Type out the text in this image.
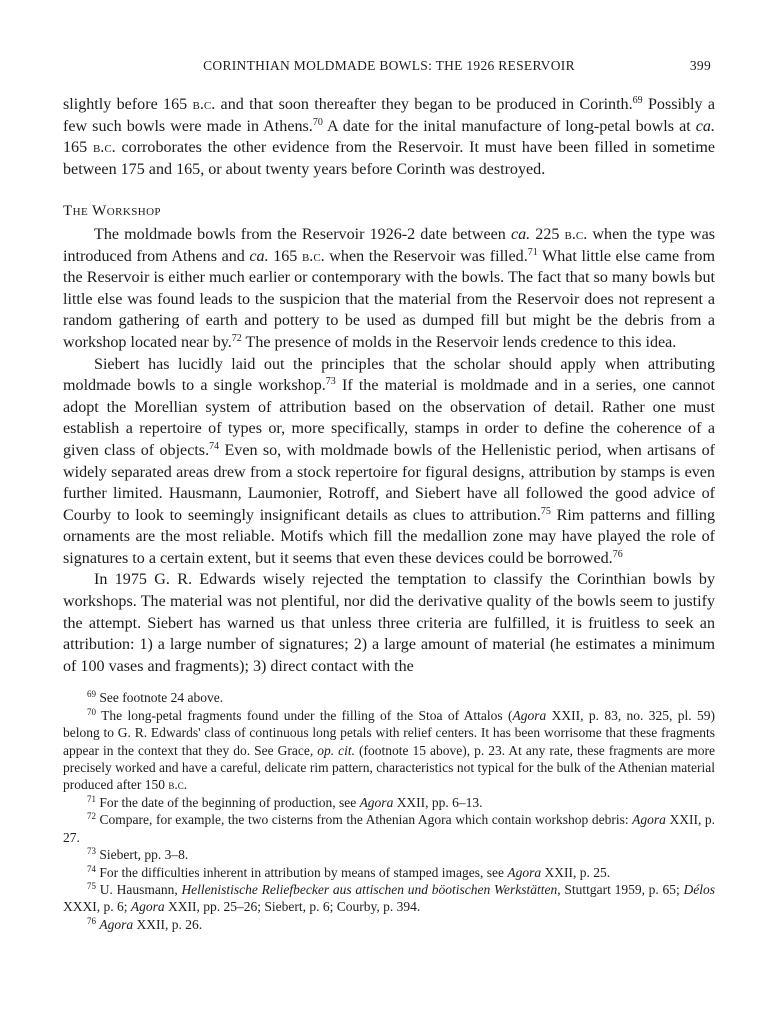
CORINTHIAN MOLDMADE BOWLS: THE 1926 RESERVOIR	399

slightly before 165 b.c. and that soon thereafter they began to be produced in Corinth.$^{69}$ Possibly a few such bowls were made in Athens.$^{70}$ A date for the inital manufacture of long-petal bowls at ca. 165 b.c. corroborates the other evidence from the Reservoir. It must have been filled in sometime between 175 and 165, or about twenty years before Corinth was destroyed.

The Workshop

The moldmade bowls from the Reservoir 1926-2 date between ca. 225 b.c. when the type was introduced from Athens and ca. 165 b.c. when the Reservoir was filled.$^{71}$ What little else came from the Reservoir is either much earlier or contemporary with the bowls. The fact that so many bowls but little else was found leads to the suspicion that the material from the Reservoir does not represent a random gathering of earth and pottery to be used as dumped fill but might be the debris from a workshop located near by.$^{72}$ The presence of molds in the Reservoir lends credence to this idea.

Siebert has lucidly laid out the principles that the scholar should apply when attributing moldmade bowls to a single workshop.$^{73}$ If the material is moldmade and in a series, one cannot adopt the Morellian system of attribution based on the observation of detail. Rather one must establish a repertoire of types or, more specifically, stamps in order to define the coherence of a given class of objects.$^{74}$ Even so, with moldmade bowls of the Hellenistic period, when artisans of widely separated areas drew from a stock repertoire for figural designs, attribution by stamps is even further limited. Hausmann, Laumonier, Rotroff, and Siebert have all followed the good advice of Courby to look to seemingly insignificant details as clues to attribution.$^{75}$ Rim patterns and filling ornaments are the most reliable. Motifs which fill the medallion zone may have played the role of signatures to a certain extent, but it seems that even these devices could be borrowed.$^{76}$

In 1975 G. R. Edwards wisely rejected the temptation to classify the Corinthian bowls by workshops. The material was not plentiful, nor did the derivative quality of the bowls seem to justify the attempt. Siebert has warned us that unless three criteria are fulfilled, it is fruitless to seek an attribution: 1) a large number of signatures; 2) a large amount of material (he estimates a minimum of 100 vases and fragments); 3) direct contact with the

$^{69}$ See footnote 24 above.

$^{70}$ The long-petal fragments found under the filling of the Stoa of Attalos (Agora XXII, p. 83, no. 325, pl. 59) belong to G. R. Edwards' class of continuous long petals with relief centers. It has been worrisome that these fragments appear in the context that they do. See Grace, op. cit. (footnote 15 above), p. 23. At any rate, these fragments are more precisely worked and have a careful, delicate rim pattern, characteristics not typical for the bulk of the Athenian material produced after 150 b.c.

$^{71}$ For the date of the beginning of production, see Agora XXII, pp. 6–13.

$^{72}$ Compare, for example, the two cisterns from the Athenian Agora which contain workshop debris: Agora XXII, p. 27.

$^{73}$ Siebert, pp. 3–8.

$^{74}$ For the difficulties inherent in attribution by means of stamped images, see Agora XXII, p. 25.

$^{75}$ U. Hausmann, Hellenistische Reliefbecker aus attischen und böotischen Werkstätten, Stuttgart 1959, p. 65; Délos XXXI, p. 6; Agora XXII, pp. 25–26; Siebert, p. 6; Courby, p. 394.

$^{76}$ Agora XXII, p. 26.
